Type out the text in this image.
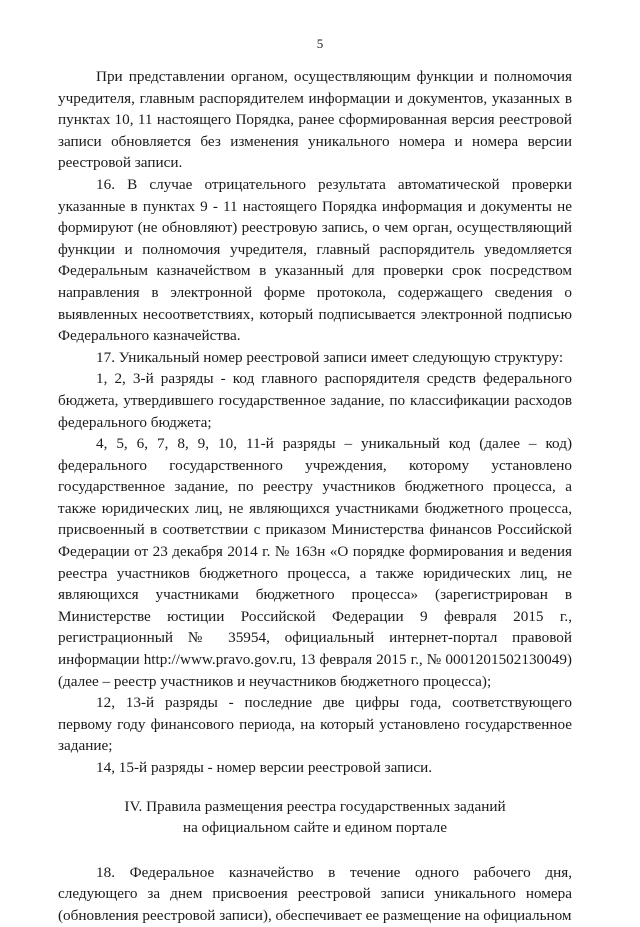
5

При представлении органом, осуществляющим функции и полномочия учредителя, главным распорядителем информации и документов, указанных в пунктах 10, 11 настоящего Порядка, ранее сформированная версия реестровой записи обновляется без изменения уникального номера и номера версии реестровой записи.

16. В случае отрицательного результата автоматической проверки указанные в пунктах 9 - 11 настоящего Порядка информация и документы не формируют (не обновляют) реестровую запись, о чем орган, осуществляющий функции и полномочия учредителя, главный распорядитель уведомляется Федеральным казначейством в указанный для проверки срок посредством направления в электронной форме протокола, содержащего сведения о выявленных несоответствиях, который подписывается электронной подписью Федерального казначейства.

17. Уникальный номер реестровой записи имеет следующую структуру:

1, 2, 3-й разряды - код главного распорядителя средств федерального бюджета, утвердившего государственное задание, по классификации расходов федерального бюджета;

4, 5, 6, 7, 8, 9, 10, 11-й разряды – уникальный код (далее – код) федерального государственного учреждения, которому установлено государственное задание, по реестру участников бюджетного процесса, а также юридических лиц, не являющихся участниками бюджетного процесса, присвоенный в соответствии с приказом Министерства финансов Российской Федерации от 23 декабря 2014 г. № 163н «О порядке формирования и ведения реестра участников бюджетного процесса, а также юридических лиц, не являющихся участниками бюджетного процесса» (зарегистрирован в Министерстве юстиции Российской Федерации 9 февраля 2015 г., регистрационный № 35954, официальный интернет-портал правовой информации http://www.pravo.gov.ru, 13 февраля 2015 г., № 0001201502130049) (далее – реестр участников и неучастников бюджетного процесса);

12, 13-й разряды - последние две цифры года, соответствующего первому году финансового периода, на который установлено государственное задание;

14, 15-й разряды - номер версии реестровой записи.

IV. Правила размещения реестра государственных заданий
на официальном сайте и едином портале

18. Федеральное казначейство в течение одного рабочего дня, следующего за днем присвоения реестровой записи уникального номера (обновления реестровой записи), обеспечивает ее размещение на официальном
